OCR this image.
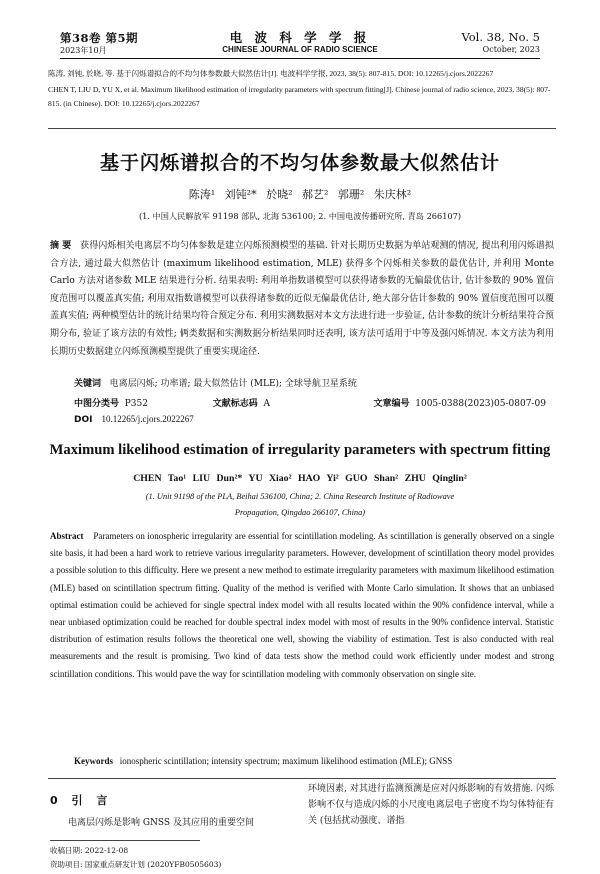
第38卷 第5期
2023年10月
电 波 科 学 学 报
CHINESE JOURNAL OF RADIO SCIENCE
Vol. 38, No. 5
October, 2023
陈涛, 刘钝, 於晓, 等. 基于闪烁谱拟合的不均匀体参数最大似然估计[J]. 电波科学学报, 2023, 38(5): 807-815. DOI: 10.12265/j.cjors.2022267
CHEN T, LIU D, YU X, et al. Maximum likelihood estimation of irregularity parameters with spectrum fitting[J]. Chinese journal of radio science, 2023, 38(5): 807-815. (in Chinese). DOI: 10.12265/j.cjors.2022267
基于闪烁谱拟合的不均匀体参数最大似然估计
陈涛¹ 刘钝²* 於晓² 郝艺² 郭珊² 朱庆林²
(1. 中国人民解放军 91198 部队, 北海 536100; 2. 中国电波传播研究所, 青岛 266107)
摘 要 获得闪烁相关电离层不均匀体参数是建立闪烁预测模型的基础. 针对长期历史数据为单站观测的情况, 提出利用闪烁谱拟合方法, 通过最大似然估计 (maximum likelihood estimation, MLE) 获得多个闪烁相关参数的最优估计, 并利用 Monte Carlo 方法对诸参数 MLE 结果进行分析. 结果表明: 利用单指数谱模型可以获得诸参数的无偏最优估计, 估计参数的 90% 置信度范围可以覆盖真实值; 利用双指数谱模型可以获得诸参数的近似无偏最优估计, 绝大部分估计参数的 90% 置信度范围可以覆盖真实值; 两种模型估计的统计结果均符合预定分布. 利用实测数据对本文方法进行进一步验证, 估计参数的统计分析结果符合预期分布, 验证了该方法的有效性; 俩类数据和实测数据分析结果同时还表明, 该方法可适用于中等及强闪烁情况. 本文方法为利用长期历史数据建立闪烁预测模型提供了重要实现途径.
关键词 电离层闪烁; 功率谱; 最大似然估计 (MLE); 全球导航卫星系统
中图分类号 P352	文献标志码 A	文章编号 1005-0388(2023)05-0807-09
DOI 10.12265/j.cjors.2022267
Maximum likelihood estimation of irregularity parameters with spectrum fitting
CHEN Tao¹ LIU Dun²* YU Xiao² HAO Yi² GUO Shan² ZHU Qinglin²
(1. Unit 91198 of the PLA, Beihai 536100, China; 2. China Research Institute of Radiowave
Propagation, Qingdao 266107, China)
Abstract Parameters on ionospheric irregularity are essential for scintillation modeling. As scintillation is generally observed on a single site basis, it had been a hard work to retrieve various irregularity parameters. However, development of scintillation theory model provides a possible solution to this difficulty. Here we present a new method to estimate irregularity parameters with maximum likelihood estimation (MLE) based on scintillation spectrum fitting. Quality of the method is verified with Monte Carlo simulation. It shows that an unbiased optimal estimation could be achieved for single spectral index model with all results located within the 90% confidence interval, while a near unbiased optimization could be reached for double spectral index model with most of results in the 90% confidence interval. Statistic distribution of estimation results follows the theoretical one well, showing the viability of estimation. Test is also conducted with real measurements and the result is promising. Two kind of data tests show the method could work efficiently under modest and strong scintillation conditions. This would pave the way for scintillation modeling with commonly observation on single site.
Keywords ionospheric scintillation; intensity spectrum; maximum likelihood estimation (MLE); GNSS
0 引 言
电离层闪烁是影响 GNSS 及其应用的重要空间
环境因素, 对其进行监测预测是应对闪烁影响的有效措施. 闪烁影响不仅与造成闪烁的小尺度电离层电子密度不均匀体特征有关 (包括扰动强度、谱指
收稿日期: 2022-12-08
资助项目: 国家重点研发计划 (2020YFB0505603)
